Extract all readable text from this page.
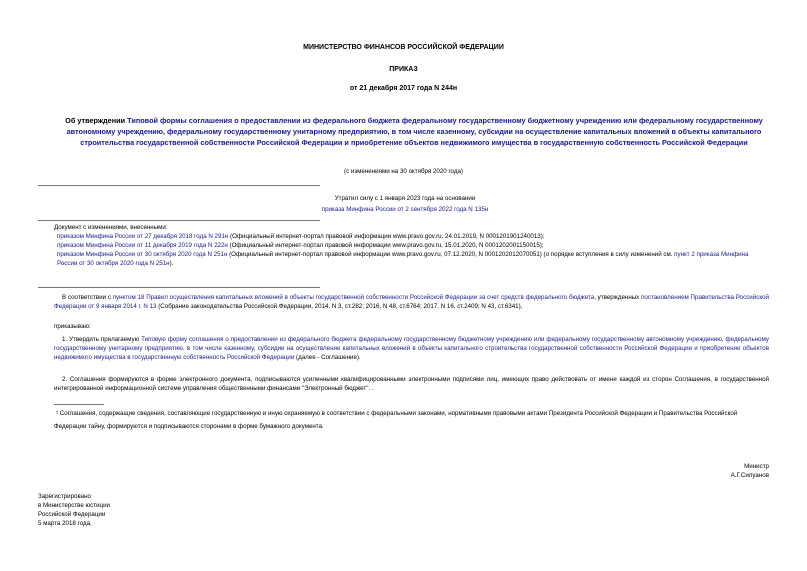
МИНИСТЕРСТВО ФИНАНСОВ РОССИЙСКОЙ ФЕДЕРАЦИИ
ПРИКАЗ
от 21 декабря 2017 года N 244н
Об утверждении Типовой формы соглашения о предоставлении из федерального бюджета федеральному государственному бюджетному учреждению или федеральному государственному автономному учреждению, федеральному государственному унитарному предприятию, в том числе казенному, субсидии на осуществление капитальных вложений в объекты капитального строительства государственной собственности Российской Федерации и приобретение объектов недвижимого имущества в государственную собственность Российской Федерации
(с изменениями на 30 октября 2020 года)
Утратил силу с 1 января 2023 года на основании
приказа Минфина России от 2 сентября 2022 года N 135н
Документ с изменениями, внесенными:
приказом Минфина России от 27 декабря 2018 года N 291н (Официальный интернет-портал правовой информации www.pravo.gov.ru, 24.01.2019, N 0001201901240013);
приказом Минфина России от 11 декабря 2019 года N 222н (Официальный интернет-портал правовой информации www.pravo.gov.ru, 15.01.2020, N 0001202001150015);
приказом Минфина России от 30 октября 2020 года N 251н (Официальный интернет-портал правовой информации www.pravo.gov.ru, 07.12.2020, N 0001202012070051) (о порядке вступления в силу изменений см. пункт 2 приказа Минфина России от 30 октября 2020 года N 251н).
В соответствии с пунктом 18 Правил осуществления капитальных вложений в объекты государственной собственности Российской Федерации за счет средств федерального бюджета, утвержденных постановлением Правительства Российской Федерации от 9 января 2014 г. N 13 (Собрание законодательства Российской Федерации, 2014, N 3, ст.282; 2016, N 48, ст.6764; 2017, N 16, ст.2409; N 43, ст.6341),
приказываю:
1. Утвердить прилагаемую Типовую форму соглашения о предоставлении из федерального бюджета федеральному государственному бюджетному учреждению или федеральному государственному автономному учреждению, федеральному государственному унитарному предприятию, в том числе казенному, субсидии на осуществление капитальных вложений в объекты капитального строительства государственной собственности Российской Федерации и приобретение объектов недвижимого имущества в государственную собственность Российской Федерации (далее - Соглашение).
2. Соглашения формируются в форме электронного документа, подписываются усиленными квалифицированными электронными подписями лиц, имеющих право действовать от имени каждой из сторон Соглашения, в государственной интегрированной информационной системе управления общественными финансами "Электронный бюджет". .
¹ Соглашения, содержащие сведения, составляющие государственную и иную охраняемую в соответствии с федеральными законами, нормативными правовыми актами Президента Российской Федерации и Правительства Российской Федерации тайну, формируются и подписываются сторонами в форме бумажного документа.
Министр
А.Г.Силуанов
Зарегистрировано
в Министерстве юстиции
Российской Федерации
5 марта 2018 года,
